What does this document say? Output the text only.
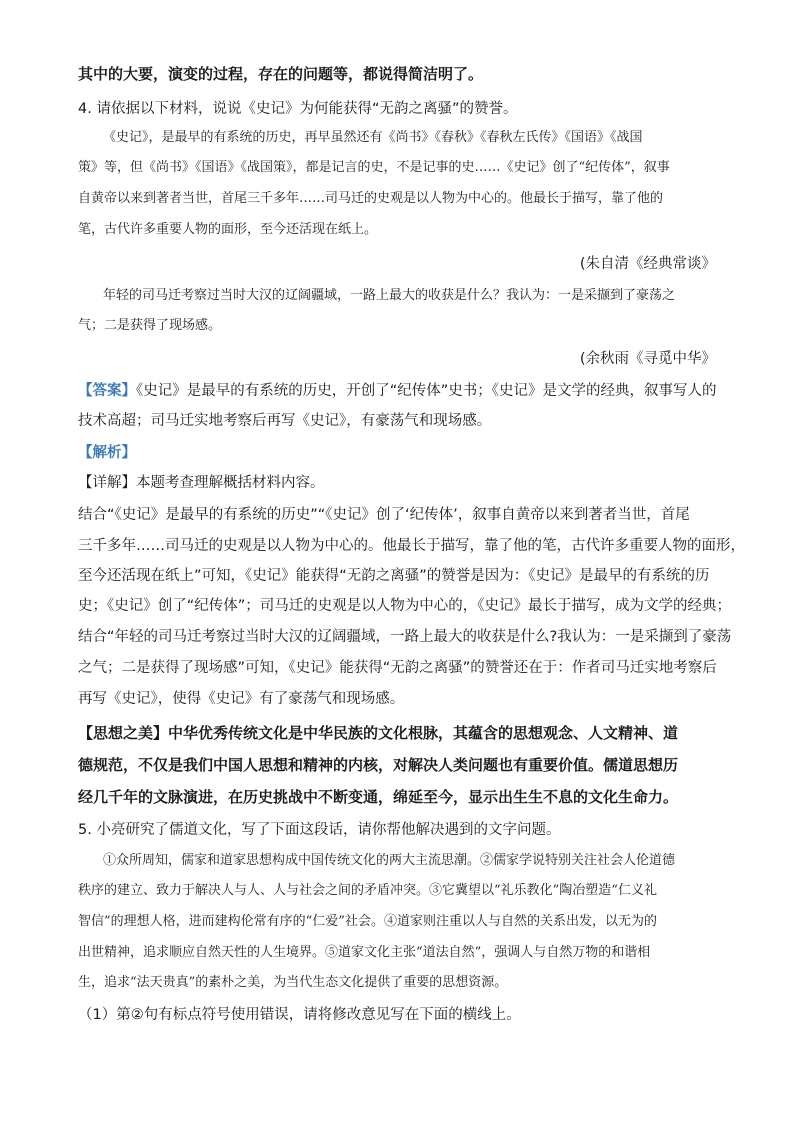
其中的大要，演变的过程，存在的问题等，都说得简洁明了。
4. 请依据以下材料，说说《史记》为何能获得“无韵之离骚”的赞誉。
《史记》，是最早的有系统的历史，再早虽然还有《尚书》《春秋》《春秋左氏传》《国语》《战国
策》等，但《尚书》《国语》《战国策》，都是记言的史，不是记事的史……《史记》创了“纪传体”，叙事
自黄帝以来到著者当世，首尾三千多年……司马迁的史观是以人物为中心的。他最长于描写，靠了他的
笔，古代许多重要人物的面形，至今还活现在纸上。
(朱自清《经典常谈》
年轻的司马迁考察过当时大汉的辽阔疆域，一路上最大的收获是什么？我认为：一是采撷到了豪荡之
气；二是获得了现场感。
(余秋雨《寻觅中华》
【答案】《史记》是最早的有系统的历史，开创了“纪传体”史书；《史记》是文学的经典，叙事写人的
技术高超；司马迁实地考察后再写《史记》，有豪荡气和现场感。
【解析】
【详解】本题考查理解概括材料内容。
结合“《史记》是最早的有系统的历史”“《史记》创了‘纪传体’，叙事自黄帝以来到著者当世，首尾
三千多年……司马迁的史观是以人物为中心的。他最长于描写，靠了他的笔，古代许多重要人物的面形，
至今还活现在纸上”可知，《史记》能获得“无韵之离骚”的赞誉是因为：《史记》是最早的有系统的历
史；《史记》创了“纪传体”；司马迁的史观是以人物为中心的，《史记》最长于描写，成为文学的经典；
结合“年轻的司马迁考察过当时大汉的辽阔疆域，一路上最大的收获是什么?我认为：一是采撷到了豪荡
之气；二是获得了现场感”可知，《史记》能获得“无韵之离骚”的赞誉还在于：作者司马迁实地考察后
再写《史记》，使得《史记》有了豪荡气和现场感。
【思想之美】中华优秀传统文化是中华民族的文化根脉，其蕴含的思想观念、人文精神、道
德规范，不仅是我们中国人思想和精神的内核，对解决人类问题也有重要价值。儒道思想历
经几千年的文脉演进，在历史挑战中不断变通，绵延至今，显示出生生不息的文化生命力。
5. 小亮研究了儒道文化，写了下面这段话，请你帮他解决遇到的文字问题。
①众所周知，儒家和道家思想构成中国传统文化的两大主流思潮。②儒家学说特别关注社会人伦道德
秩序的建立、致力于解决人与人、人与社会之间的矛盾冲突。③它冀望以“礼乐教化”陶冶塑造“仁义礼
智信”的理想人格，进而建构伦常有序的“仁爱”社会。④道家则注重以人与自然的关系出发，以无为的
出世精神，追求顺应自然天性的人生境界。⑤道家文化主张“道法自然”，强调人与自然万物的和谐相
生，追求“法天贵真”的素朴之美，为当代生态文化提供了重要的思想资源。
（1）第②句有标点符号使用错误，请将修改意见写在下面的横线上。
